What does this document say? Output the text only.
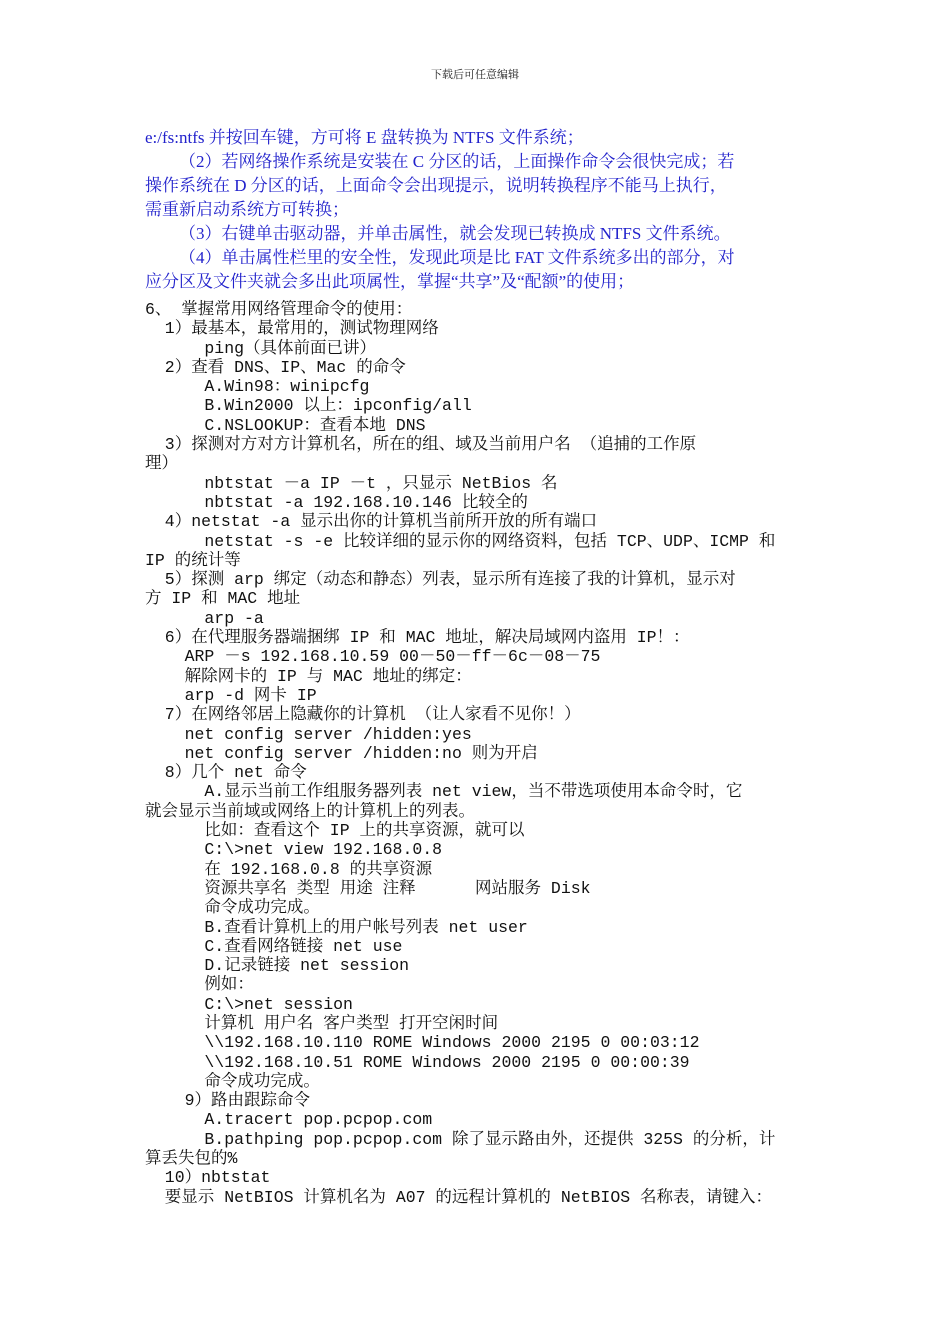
下载后可任意编辑

e:/fs:ntfs 并按回车键，方可将 E 盘转换为 NTFS 文件系统；

（2）若网络操作系统是安装在 C 分区的话，上面操作命令会很快完成；若

操作系统在 D 分区的话，上面命令会出现提示，说明转换程序不能马上执行，

需重新启动系统方可转换；

（3）右键单击驱动器，并单击属性，就会发现已转换成 NTFS 文件系统。

（4）单击属性栏里的安全性，发现此项是比 FAT 文件系统多出的部分，对

应分区及文件夹就会多出此项属性，掌握“共享”及“配额”的使用；

6、 掌握常用网络管理命令的使用：

1）最基本，最常用的，测试物理网络

ping（具体前面已讲）

2）查看 DNS、IP、Mac 的命令

A.Win98：winipcfg

B.Win2000 以上：ipconfig/all

C.NSLOOKUP：查看本地 DNS

3）探测对方对方计算机名，所在的组、域及当前用户名 （追捕的工作原

理）

nbtstat －a IP －t ，只显示 NetBios 名

nbtstat -a 192.168.10.146 比较全的

4）netstat -a 显示出你的计算机当前所开放的所有端口

netstat -s -e 比较详细的显示你的网络资料，包括 TCP、UDP、ICMP 和

IP 的统计等

5）探测 arp 绑定（动态和静态）列表，显示所有连接了我的计算机，显示对

方 IP 和 MAC 地址

arp -a

6）在代理服务器端捆绑 IP 和 MAC 地址，解决局域网内盗用 IP！：

ARP －s 192.168.10.59 00－50－ff－6c－08－75

解除网卡的 IP 与 MAC 地址的绑定：

arp -d 网卡 IP

7）在网络邻居上隐藏你的计算机 （让人家看不见你！）

net config server /hidden:yes

net config server /hidden:no 则为开启

8）几个 net 命令

A.显示当前工作组服务器列表 net view，当不带选项使用本命令时，它

就会显示当前域或网络上的计算机上的列表。

比如：查看这个 IP 上的共享资源，就可以

C:\>net view 192.168.0.8

在 192.168.0.8 的共享资源

资源共享名 类型 用途 注释      网站服务 Disk

命令成功完成。

B.查看计算机上的用户帐号列表 net user

C.查看网络链接 net use

D.记录链接 net session

例如：

C:\>net session

计算机 用户名 客户类型 打开空闲时间

\\192.168.10.110 ROME Windows 2000 2195 0 00:03:12

\\192.168.10.51 ROME Windows 2000 2195 0 00:00:39

命令成功完成。

9）路由跟踪命令

A.tracert pop.pcpop.com

B.pathping pop.pcpop.com 除了显示路由外，还提供 325S 的分析，计

算丢失包的%

10）nbtstat

要显示 NetBIOS 计算机名为 A07 的远程计算机的 NetBIOS 名称表，请键入：
